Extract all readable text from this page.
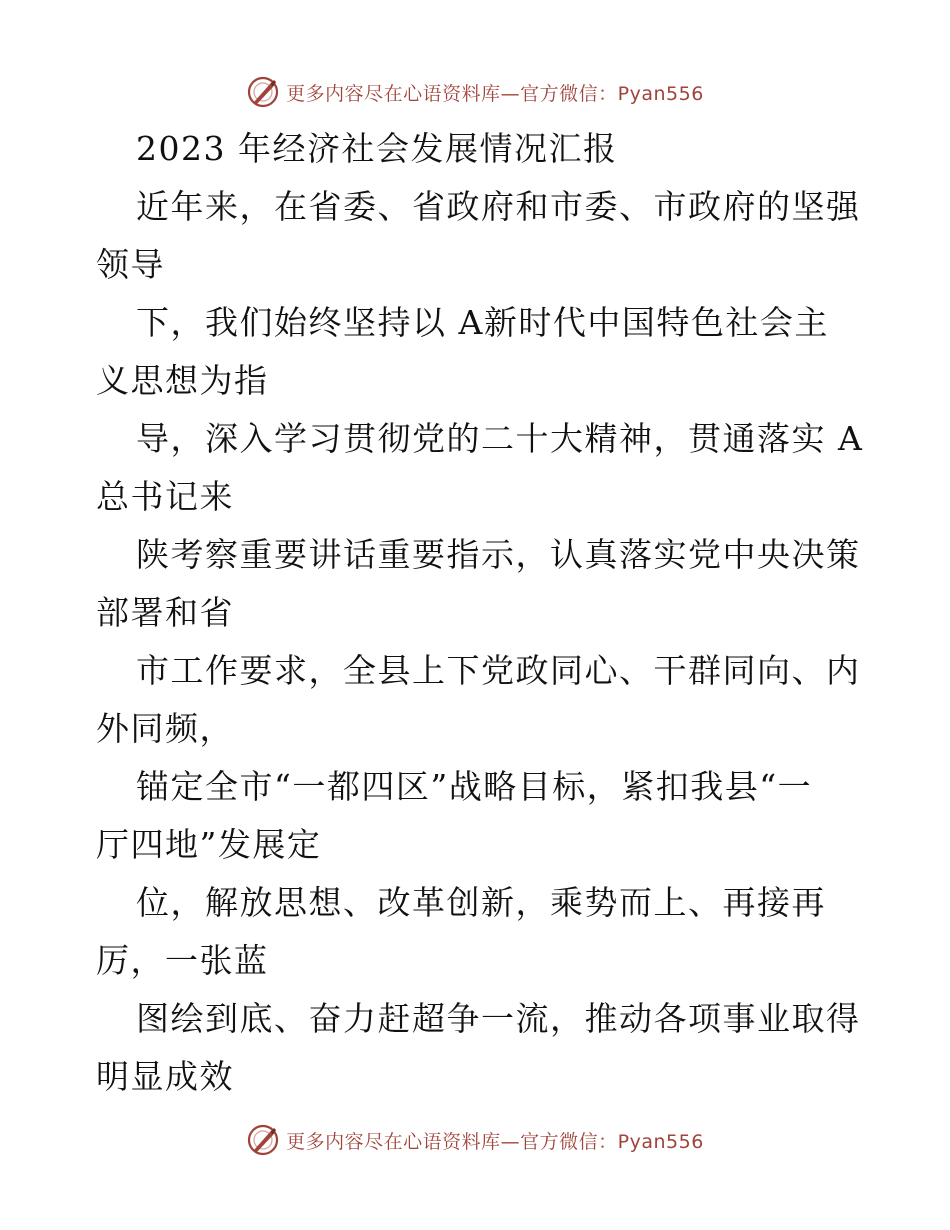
更多内容尽在心语资料库—官方微信：Pyan556
2023 年经济社会发展情况汇报
近年来，在省委、省政府和市委、市政府的坚强
领导
下，我们始终坚持以 A新时代中国特色社会主
义思想为指
导，深入学习贯彻党的二十大精神，贯通落实 A
总书记来
陕考察重要讲话重要指示，认真落实党中央决策
部署和省
市工作要求，全县上下党政同心、干群同向、内
外同频，
锚定全市“一都四区”战略目标，紧扣我县“一
厅四地”发展定
位，解放思想、改革创新，乘势而上、再接再
厉，一张蓝
图绘到底、奋力赶超争一流，推动各项事业取得
明显成效
更多内容尽在心语资料库—官方微信：Pyan556
